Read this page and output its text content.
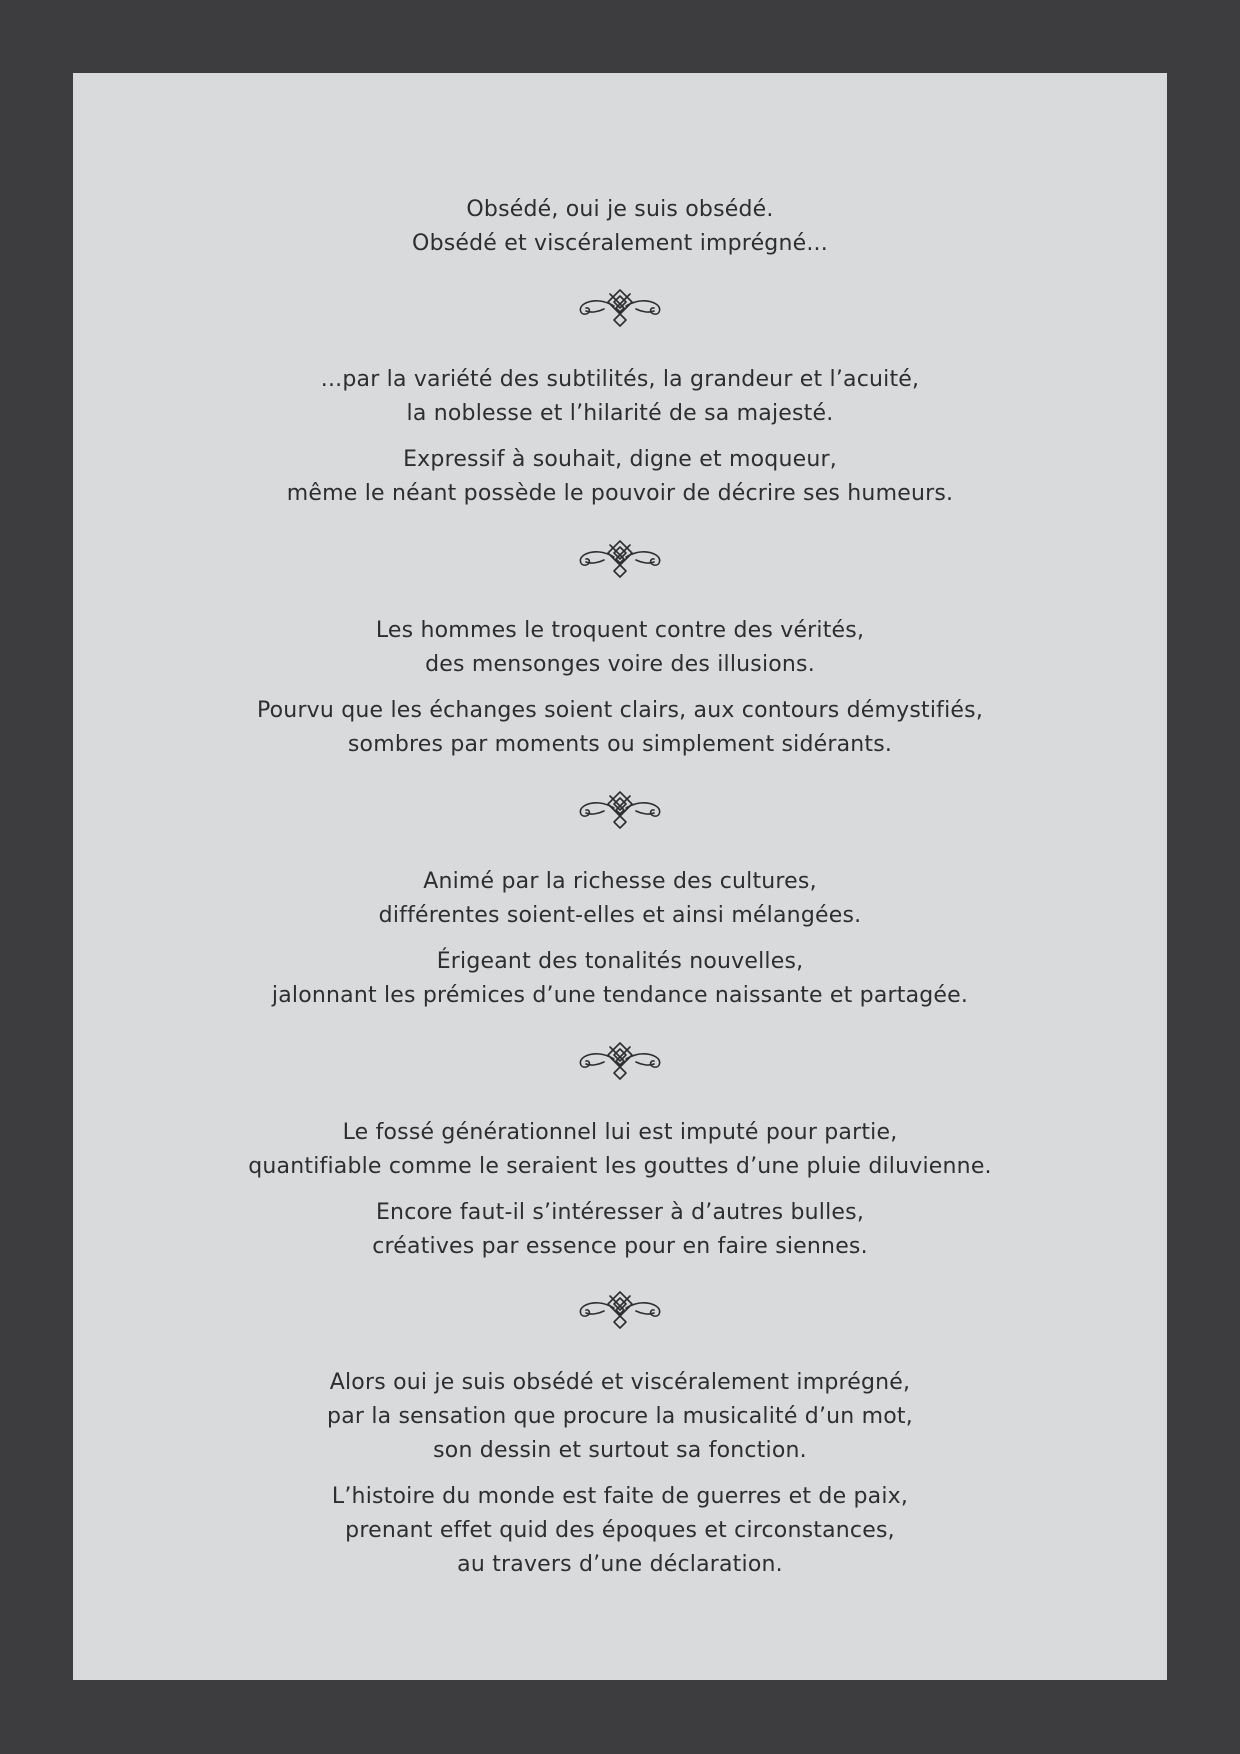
Obsédé, oui je suis obsédé.
Obsédé et viscéralement imprégné...
...par la variété des subtilités, la grandeur et l’acuité,
la noblesse et l’hilarité de sa majesté.
Expressif à souhait, digne et moqueur,
même le néant possède le pouvoir de décrire ses humeurs.
Les hommes le troquent contre des vérités,
des mensonges voire des illusions.
Pourvu que les échanges soient clairs, aux contours démystifiés,
sombres par moments ou simplement sidérants.
Animé par la richesse des cultures,
différentes soient-elles et ainsi mélangées.
Érigeant des tonalités nouvelles,
jalonnant les prémices d’une tendance naissante et partagée.
Le fossé générationnel lui est imputé pour partie,
quantifiable comme le seraient les gouttes d’une pluie diluvienne.
Encore faut-il s’intéresser à d’autres bulles,
créatives par essence pour en faire siennes.
Alors oui je suis obsédé et viscéralement imprégné,
par la sensation que procure la musicalité d’un mot,
son dessin et surtout sa fonction.
L’histoire du monde est faite de guerres et de paix,
prenant effet quid des époques et circonstances,
au travers d’une déclaration.
